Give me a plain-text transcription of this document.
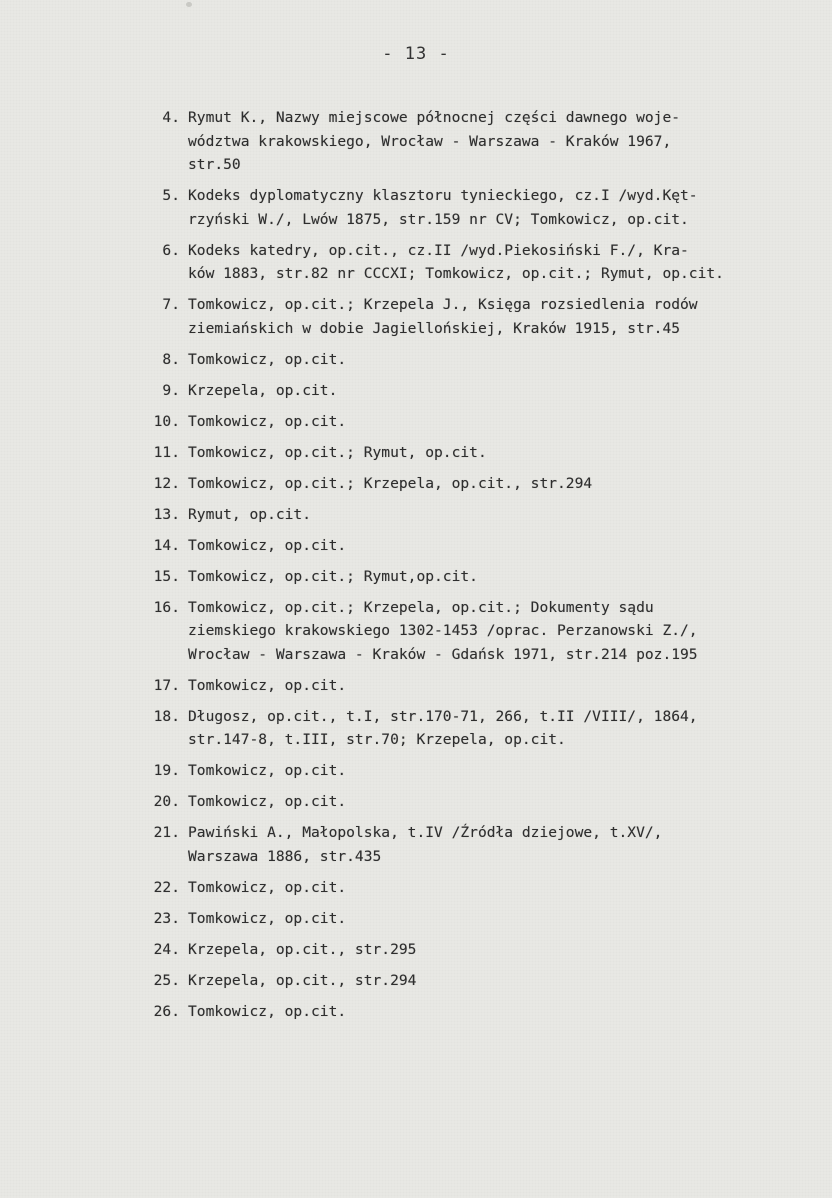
- 13 -
4. Rymut K., Nazwy miejscowe północnej części dawnego woje-
wództwa krakowskiego, Wrocław - Warszawa - Kraków 1967,
str.50
5. Kodeks dyplomatyczny klasztoru tynieckiego, cz.I /wyd.Kęt-
rzyński W./, Lwów 1875, str.159 nr CV; Tomkowicz, op.cit.
6. Kodeks katedry, op.cit., cz.II /wyd.Piekosiński F./, Kra-
ków 1883, str.82 nr CCCXI; Tomkowicz, op.cit.; Rymut, op.cit.
7. Tomkowicz, op.cit.; Krzepela J., Księga rozsiedlenia rodów
ziemiańskich w dobie Jagiellońskiej, Kraków 1915, str.45
8. Tomkowicz, op.cit.
9. Krzepela, op.cit.
10. Tomkowicz, op.cit.
11. Tomkowicz, op.cit.; Rymut, op.cit.
12. Tomkowicz, op.cit.; Krzepela, op.cit., str.294
13. Rymut, op.cit.
14. Tomkowicz, op.cit.
15. Tomkowicz, op.cit.; Rymut,op.cit.
16. Tomkowicz, op.cit.; Krzepela, op.cit.; Dokumenty sądu
ziemskiego krakowskiego 1302-1453 /oprac. Perzanowski Z./,
Wrocław - Warszawa - Kraków - Gdańsk 1971, str.214 poz.195
17. Tomkowicz, op.cit.
18. Długosz, op.cit., t.I, str.170-71, 266, t.II /VIII/, 1864,
str.147-8, t.III, str.70; Krzepela, op.cit.
19. Tomkowicz, op.cit.
20. Tomkowicz, op.cit.
21. Pawiński A., Małopolska, t.IV /Źródła dziejowe, t.XV/,
Warszawa 1886, str.435
22. Tomkowicz, op.cit.
23. Tomkowicz, op.cit.
24. Krzepela, op.cit., str.295
25. Krzepela, op.cit., str.294
26. Tomkowicz, op.cit.
